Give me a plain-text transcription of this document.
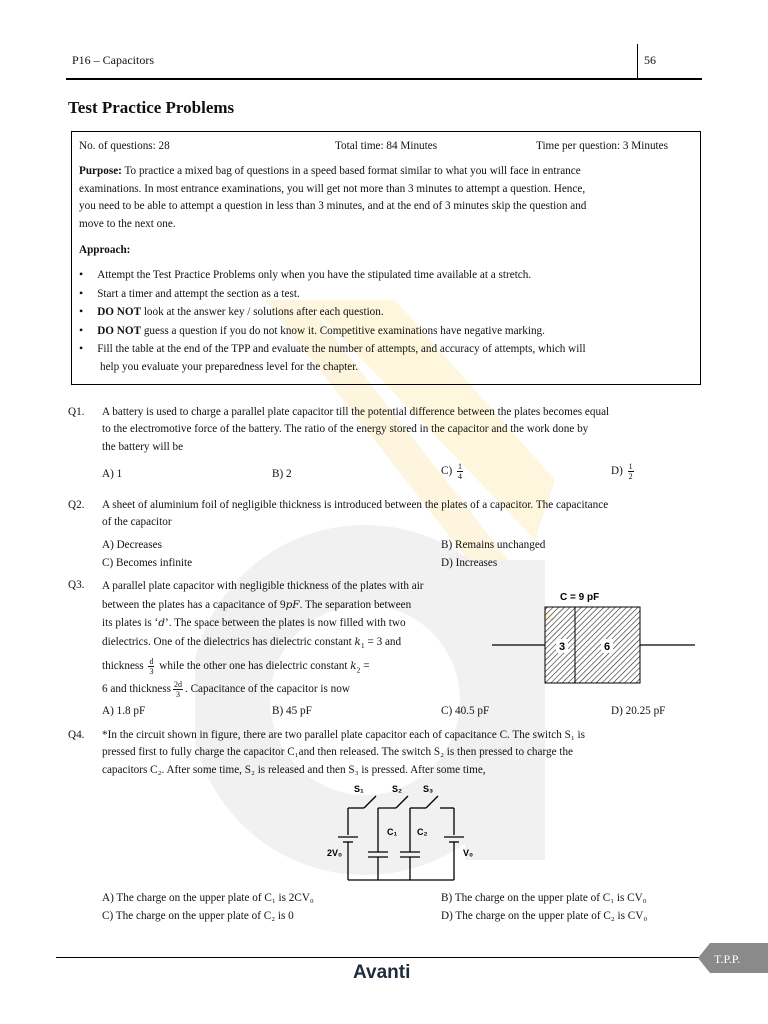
P16 – Capacitors	56
Test Practice Problems
No. of questions: 28	Total time: 84 Minutes	Time per question: 3 Minutes
Purpose: To practice a mixed bag of questions in a speed based format similar to what you will face in entrance
examinations. In most entrance examinations, you will get not more than 3 minutes to attempt a question. Hence,
you need to be able to attempt a question in less than 3 minutes, and at the end of 3 minutes skip the question and
move to the next one.
Approach:
• Attempt the Test Practice Problems only when you have the stipulated time available at a stretch.
• Start a timer and attempt the section as a test.
• DO NOT look at the answer key / solutions after each question.
• DO NOT guess a question if you do not know it. Competitive examinations have negative marking.
• Fill the table at the end of the TPP and evaluate the number of attempts, and accuracy of attempts, which will
help you evaluate your preparedness level for the chapter.
Q1. A battery is used to charge a parallel plate capacitor till the potential difference between the plates becomes equal
to the electromotive force of the battery. The ratio of the energy stored in the capacitor and the work done by
the battery will be
A) 1	B) 2	$C) \frac{1}{4}$	$D) \frac{1}{2}$
Q2. A sheet of aluminium foil of negligible thickness is introduced between the plates of a capacitor. The capacitance
of the capacitor
A) Decreases	B) Remains unchanged
C) Becomes infinite	D) Increases
Q3. A parallel plate capacitor with negligible thickness of the plates with air
between the plates has a capacitance of 9pF. The separation between
its plates is ‘d’. The space between the plates is now filled with two
dielectrics. One of the dielectrics has dielectric constant $k_1 = 3$ and
thickness $\frac{d}{3}$ while the other one has dielectric constant $k_2$ =
6 and thickness $\frac{2d}{3}$ . Capacitance of the capacitor is now
C = 9 pF
3	6
A) 1.8 pF	B) 45 pF	C) 40.5 pF	D) 20.25 pF
Q4. *In the circuit shown in figure, there are two parallel plate capacitor each of capacitance C. The switch S₁ is
pressed first to fully charge the capacitor C₁and then released. The switch S₂ is then pressed to charge the
capacitors C₂. After some time, S₂ is released and then S₃ is pressed. After some time,
S₁	S₂ S₃
C₁ C₂
2V₀	V₀
A) The charge on the upper plate of C₁ is 2CV₀	B) The charge on the upper plate of C₁ is CV₀
C) The charge on the upper plate of C₂ is 0	D) The charge on the upper plate of C₂ is CV₀
T.P.P.
Avanti
